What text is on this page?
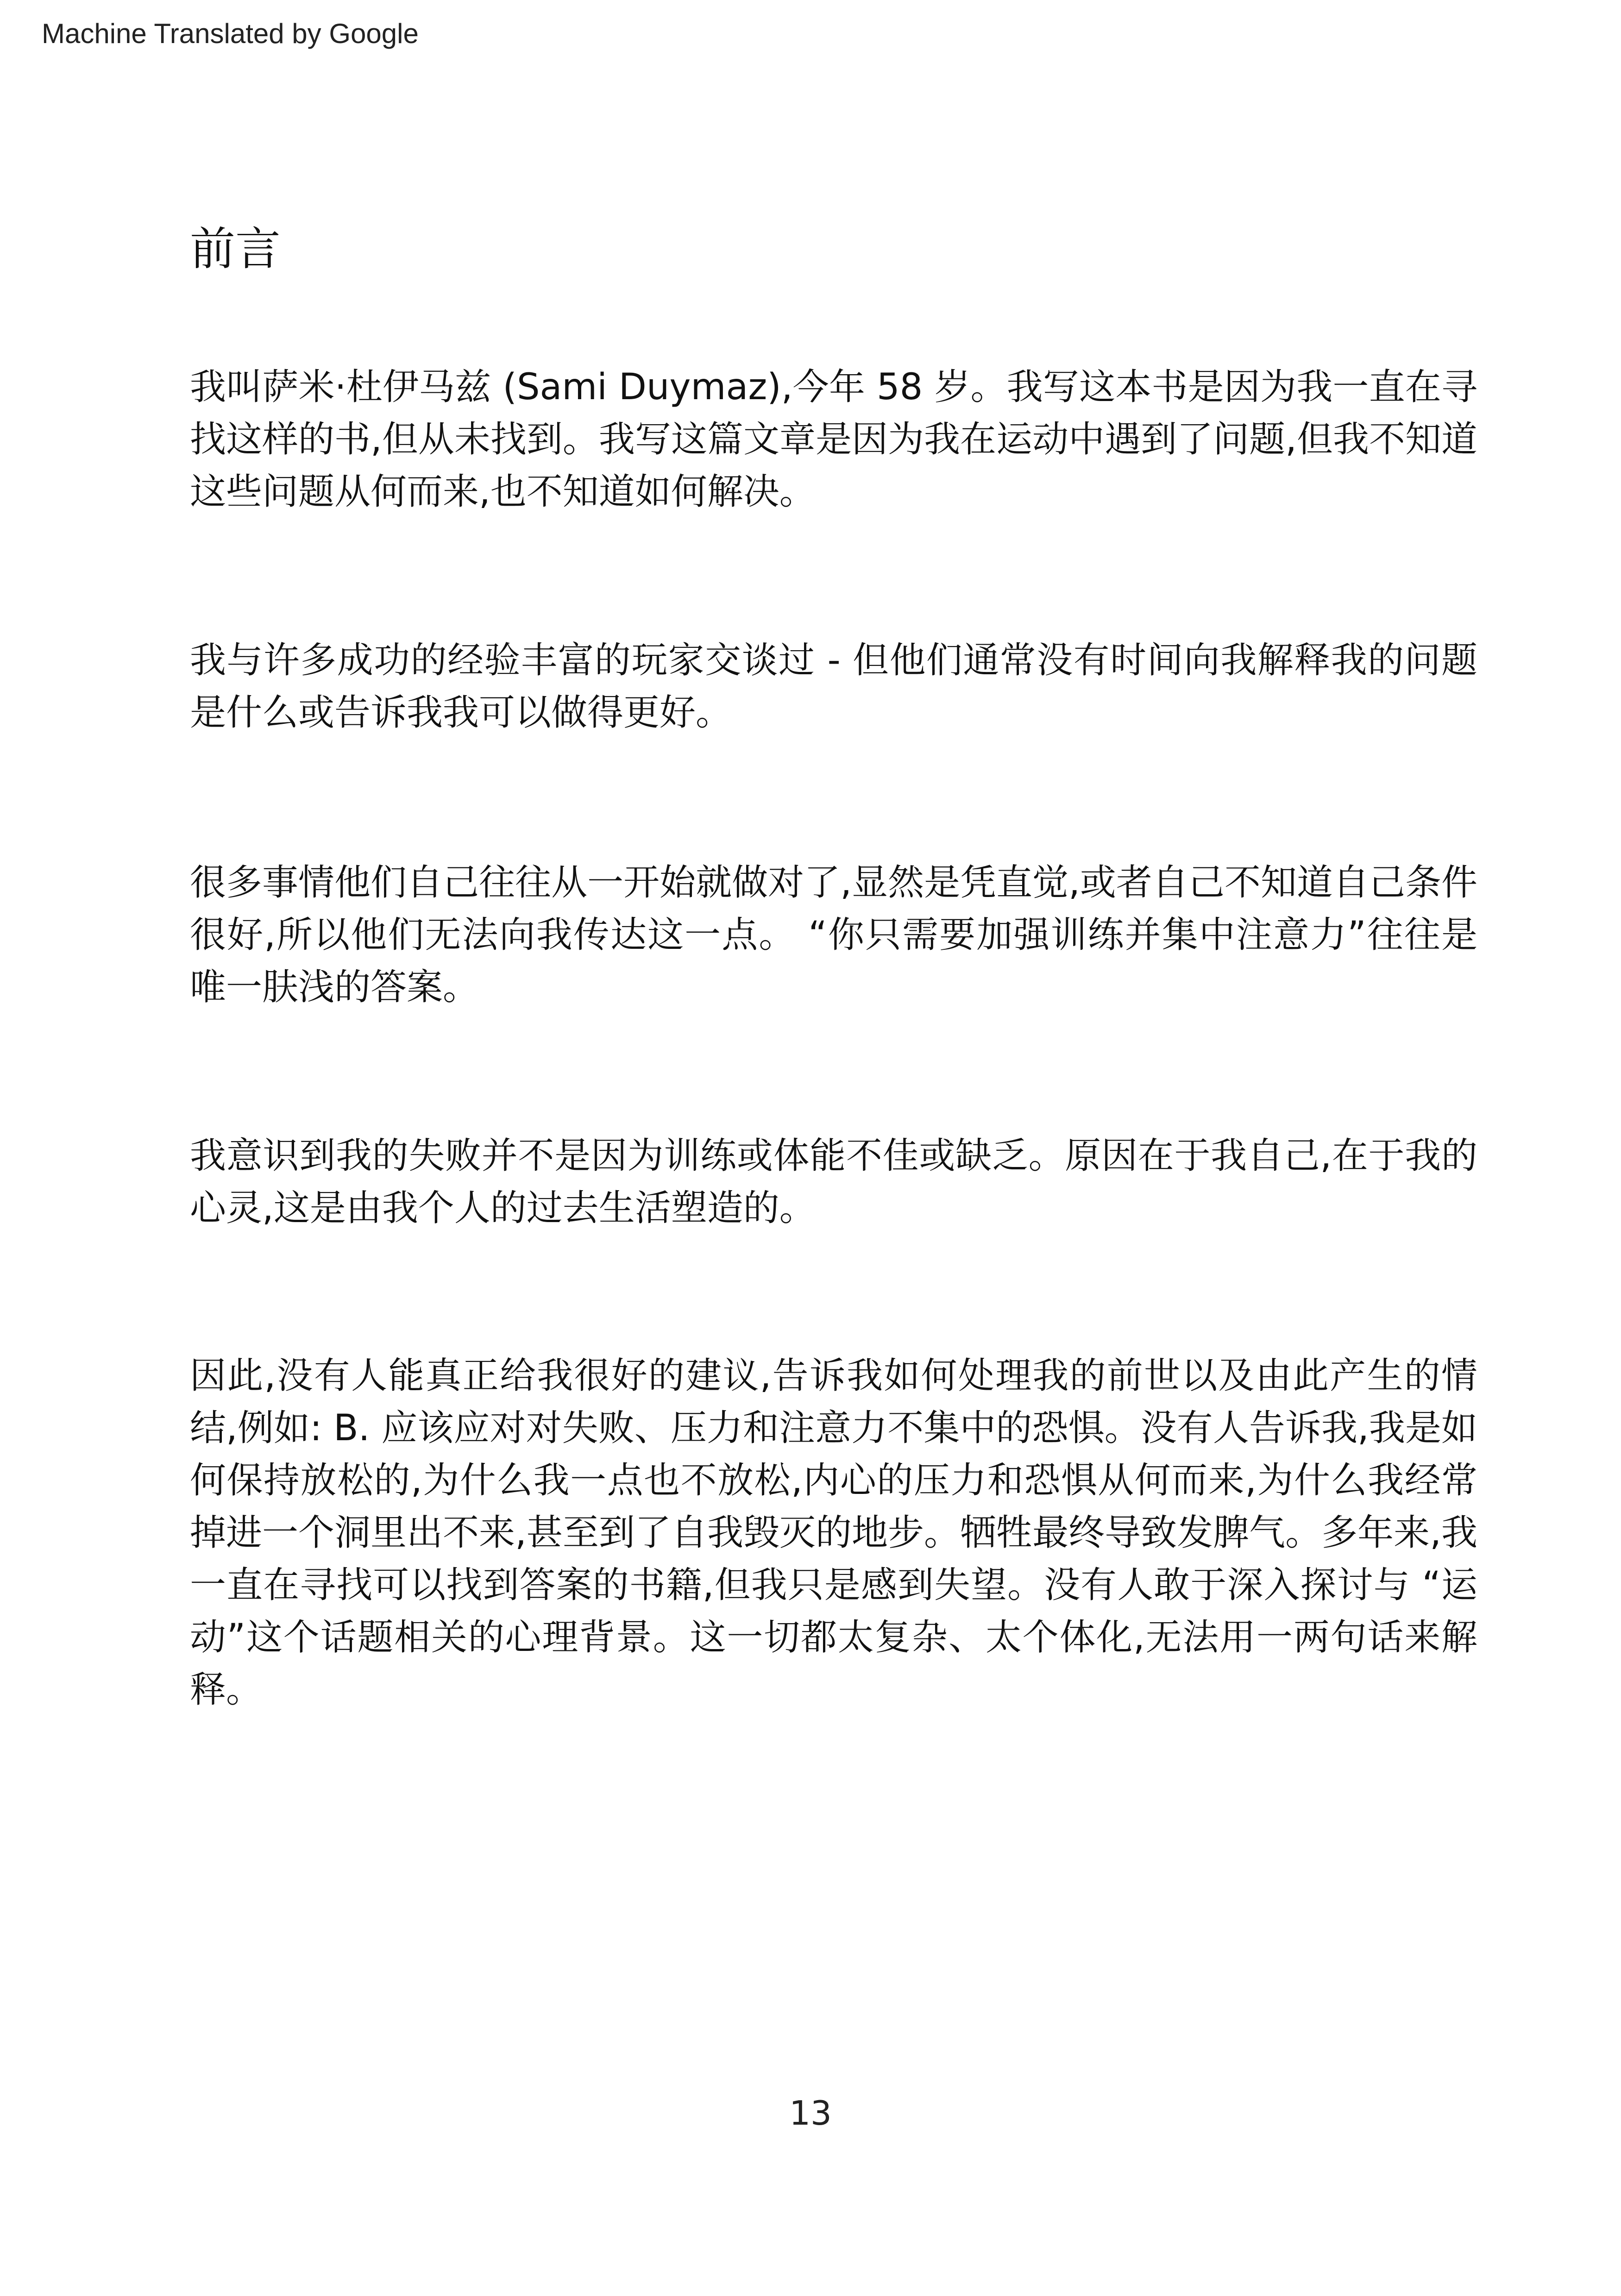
Machine Translated by Google
前言

我叫萨米·杜伊马兹 (Sami Duymaz),今年 58 岁。我写这本书是因为我一直在寻找这样的书,但从未找到。我写这篇文章是因为我在运动中遇到了问题,但我不知道这些问题从何而来,也不知道如何解决。

我与许多成功的经验丰富的玩家交谈过 - 但他们通常没有时间向我解释我的问题是什么或告诉我我可以做得更好。

很多事情他们自己往往从一开始就做对了,显然是凭直觉,或者自己不知道自己条件很好,所以他们无法向我传达这一点。 “你只需要加强训练并集中注意力”往往是唯一肤浅的答案。

我意识到我的失败并不是因为训练或体能不佳或缺乏。原因在于我自己,在于我的心灵,这是由我个人的过去生活塑造的。

因此,没有人能真正给我很好的建议,告诉我如何处理我的前世以及由此产生的情结,例如: B. 应该应对对失败、压力和注意力不集中的恐惧。没有人告诉我,我是如何保持放松的,为什么我一点也不放松,内心的压力和恐惧从何而来,为什么我经常掉进一个洞里出不来,甚至到了自我毁灭的地步。牺牲最终导致发脾气。多年来,我一直在寻找可以找到答案的书籍,但我只是感到失望。没有人敢于深入探讨与 “运动”这个话题相关的心理背景。这一切都太复杂、太个体化,无法用一两句话来解释。

13
